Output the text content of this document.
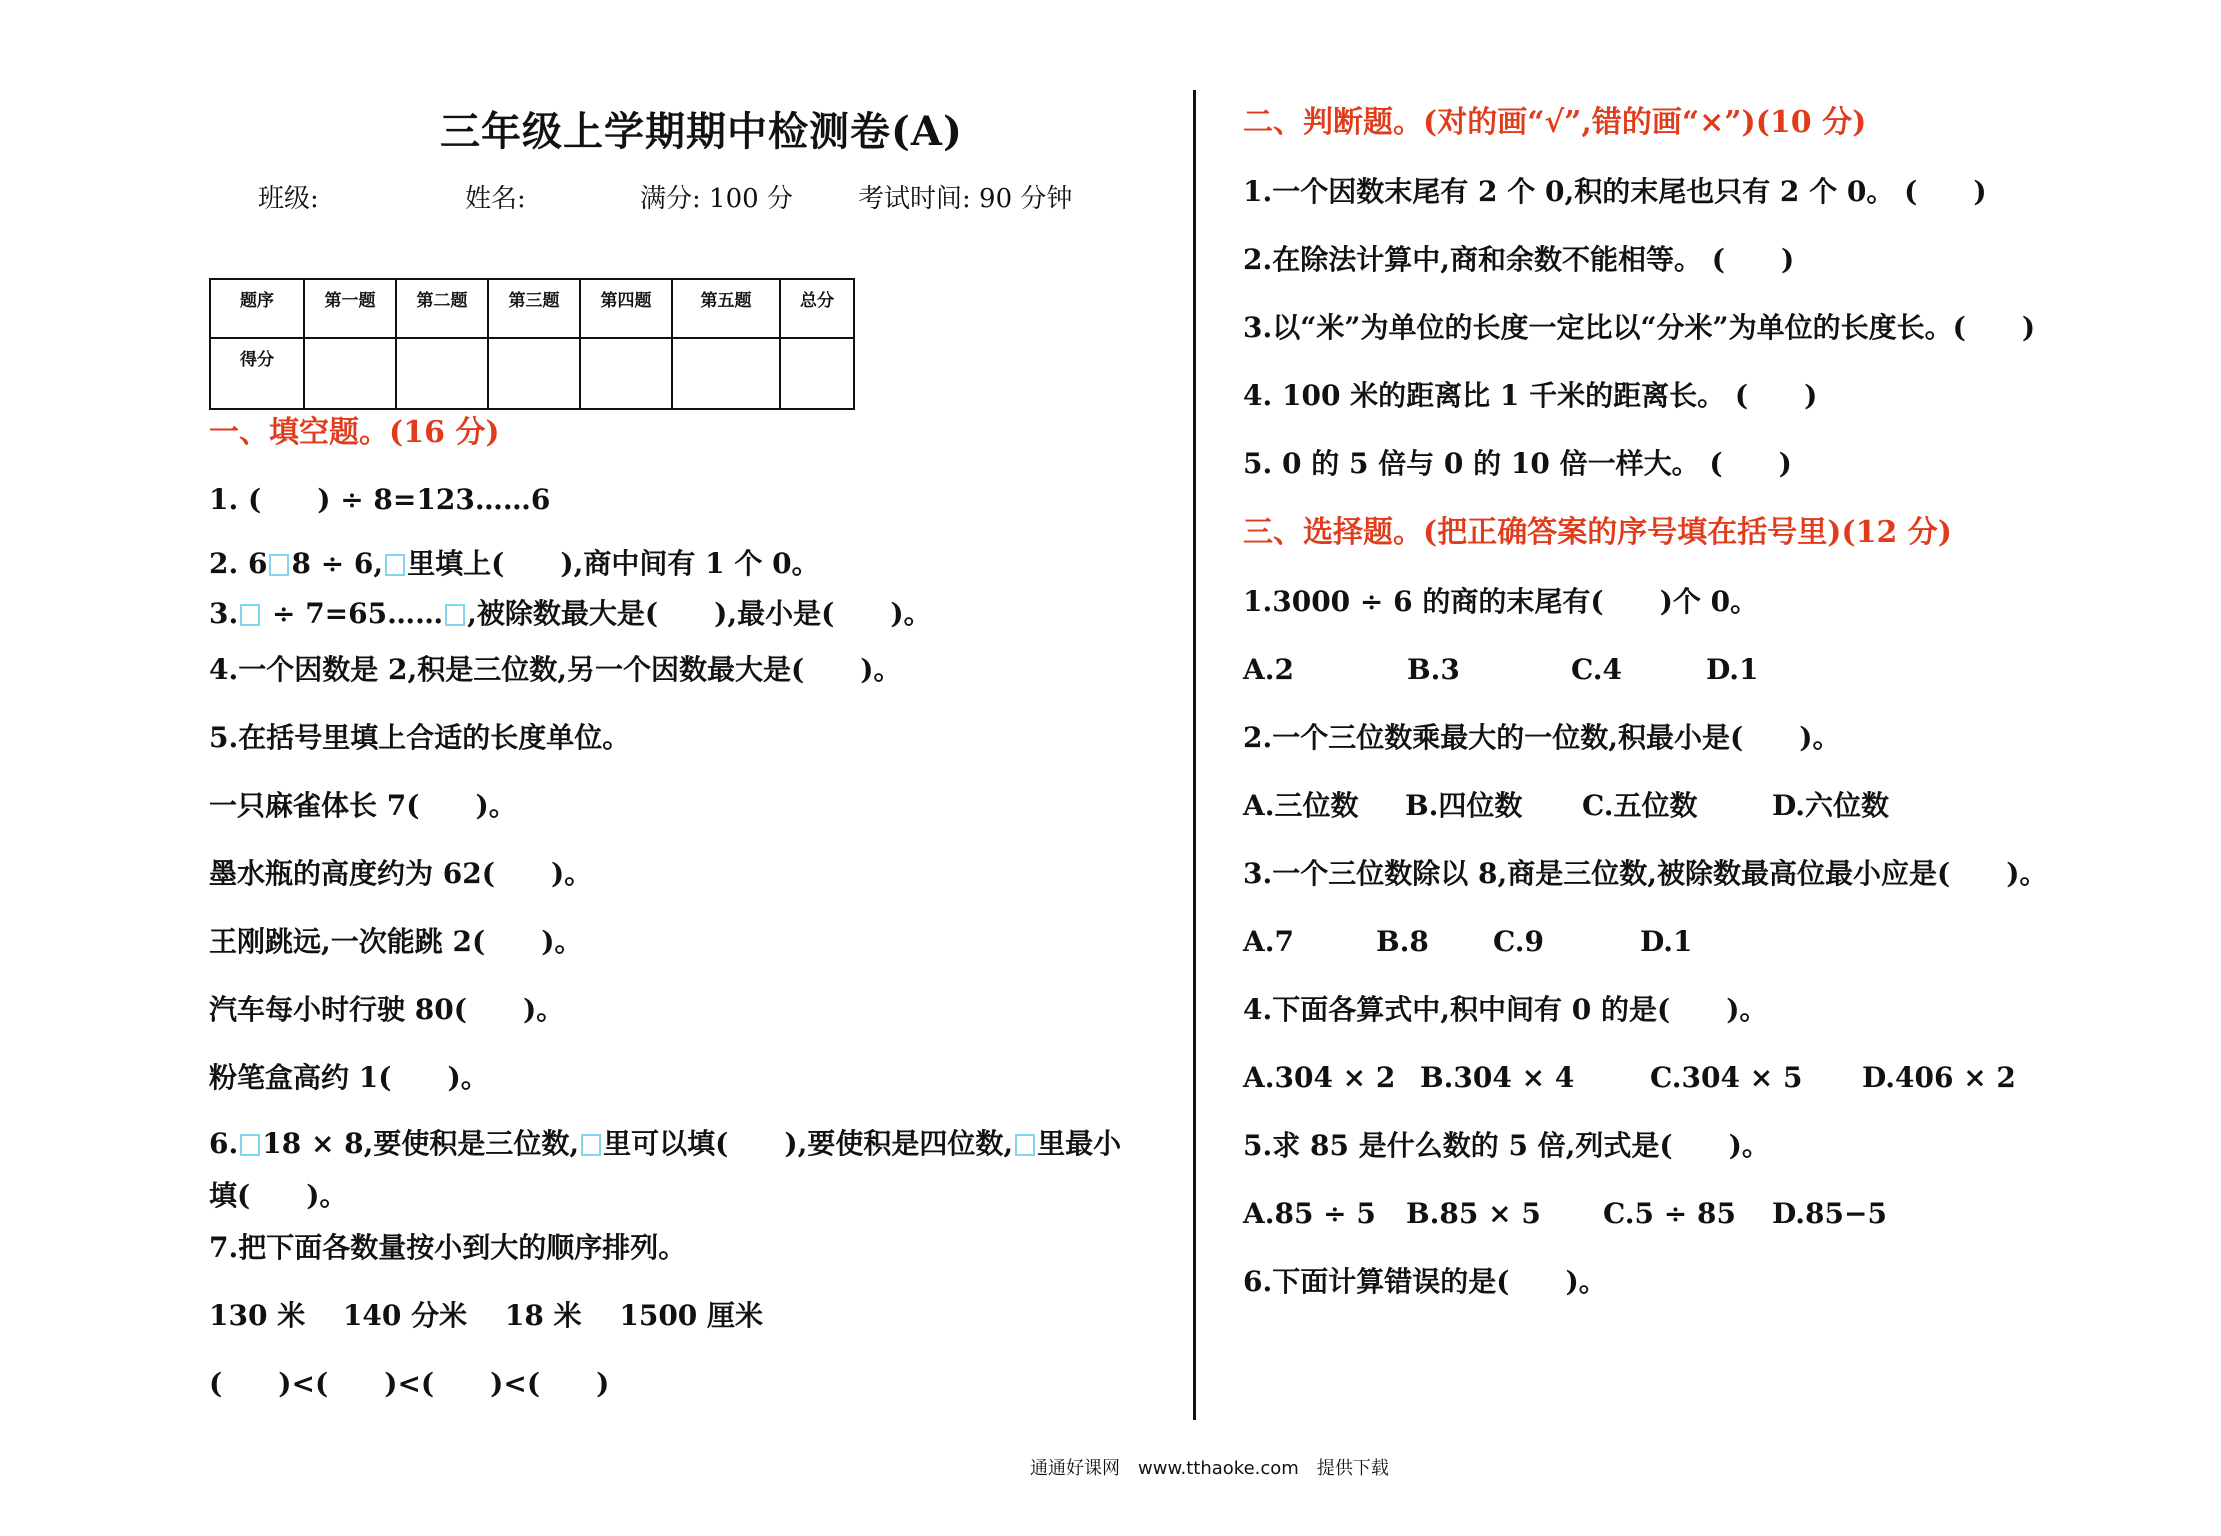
三年级上学期期中检测卷(A)
班级:	姓名:	满分: 100 分	考试时间: 90 分钟
题序	第一题	第二题	第三题	第四题	第五题	总分
得分						
一、填空题。(16 分)
1. (　　) ÷ 8=123……6
2. 6 8 ÷ 6, 里填上(　　),商中间有 1 个 0。
3. ÷ 7=65…… ,被除数最大是(　　),最小是(　　)。
4.一个因数是 2,积是三位数,另一个因数最大是(　　)。
5.在括号里填上合适的长度单位。
一只麻雀体长 7(　　)。
墨水瓶的高度约为 62(　　)。
王刚跳远,一次能跳 2(　　)。
汽车每小时行驶 80(　　)。
粉笔盒高约 1(　　)。
6. 18 × 8,要使积是三位数, 里可以填(　　),要使积是四位数, 里最小
填(　　)。
7.把下面各数量按小到大的顺序排列。
130 米　 140 分米　 18 米　 1500 厘米
(　　)<(　　)<(　　)<(　　)
二、判断题。(对的画“√”,错的画“×”)(10 分)
1.一个因数末尾有 2 个 0,积的末尾也只有 2 个 0。 (　　)
2.在除法计算中,商和余数不能相等。 (　　)
3.以“米”为单位的长度一定比以“分米”为单位的长度长。(　　)
4. 100 米的距离比 1 千米的距离长。 (　　)
5. 0 的 5 倍与 0 的 10 倍一样大。 (　　)
三、选择题。(把正确答案的序号填在括号里)(12 分)
1.3000 ÷ 6 的商的末尾有(　　)个 0。
A.2	B.3	C.4	D.1
2.一个三位数乘最大的一位数,积最小是(　　)。
A.三位数 B.四位数 C.五位数	D.六位数
3.一个三位数除以 8,商是三位数,被除数最高位最小应是(　　)。
A.7	B.8 C.9	D.1
4.下面各算式中,积中间有 0 的是(　　)。
A.304 × 2 B.304 × 4	C.304 × 5 D.406 × 2
5.求 85 是什么数的 5 倍,列式是(　　)。
A.85 ÷ 5 B.85 × 5 C.5 ÷ 85 D.85−5
6.下面计算错误的是(　　)。
通通好课网　www.tthaoke.com　提供下载
